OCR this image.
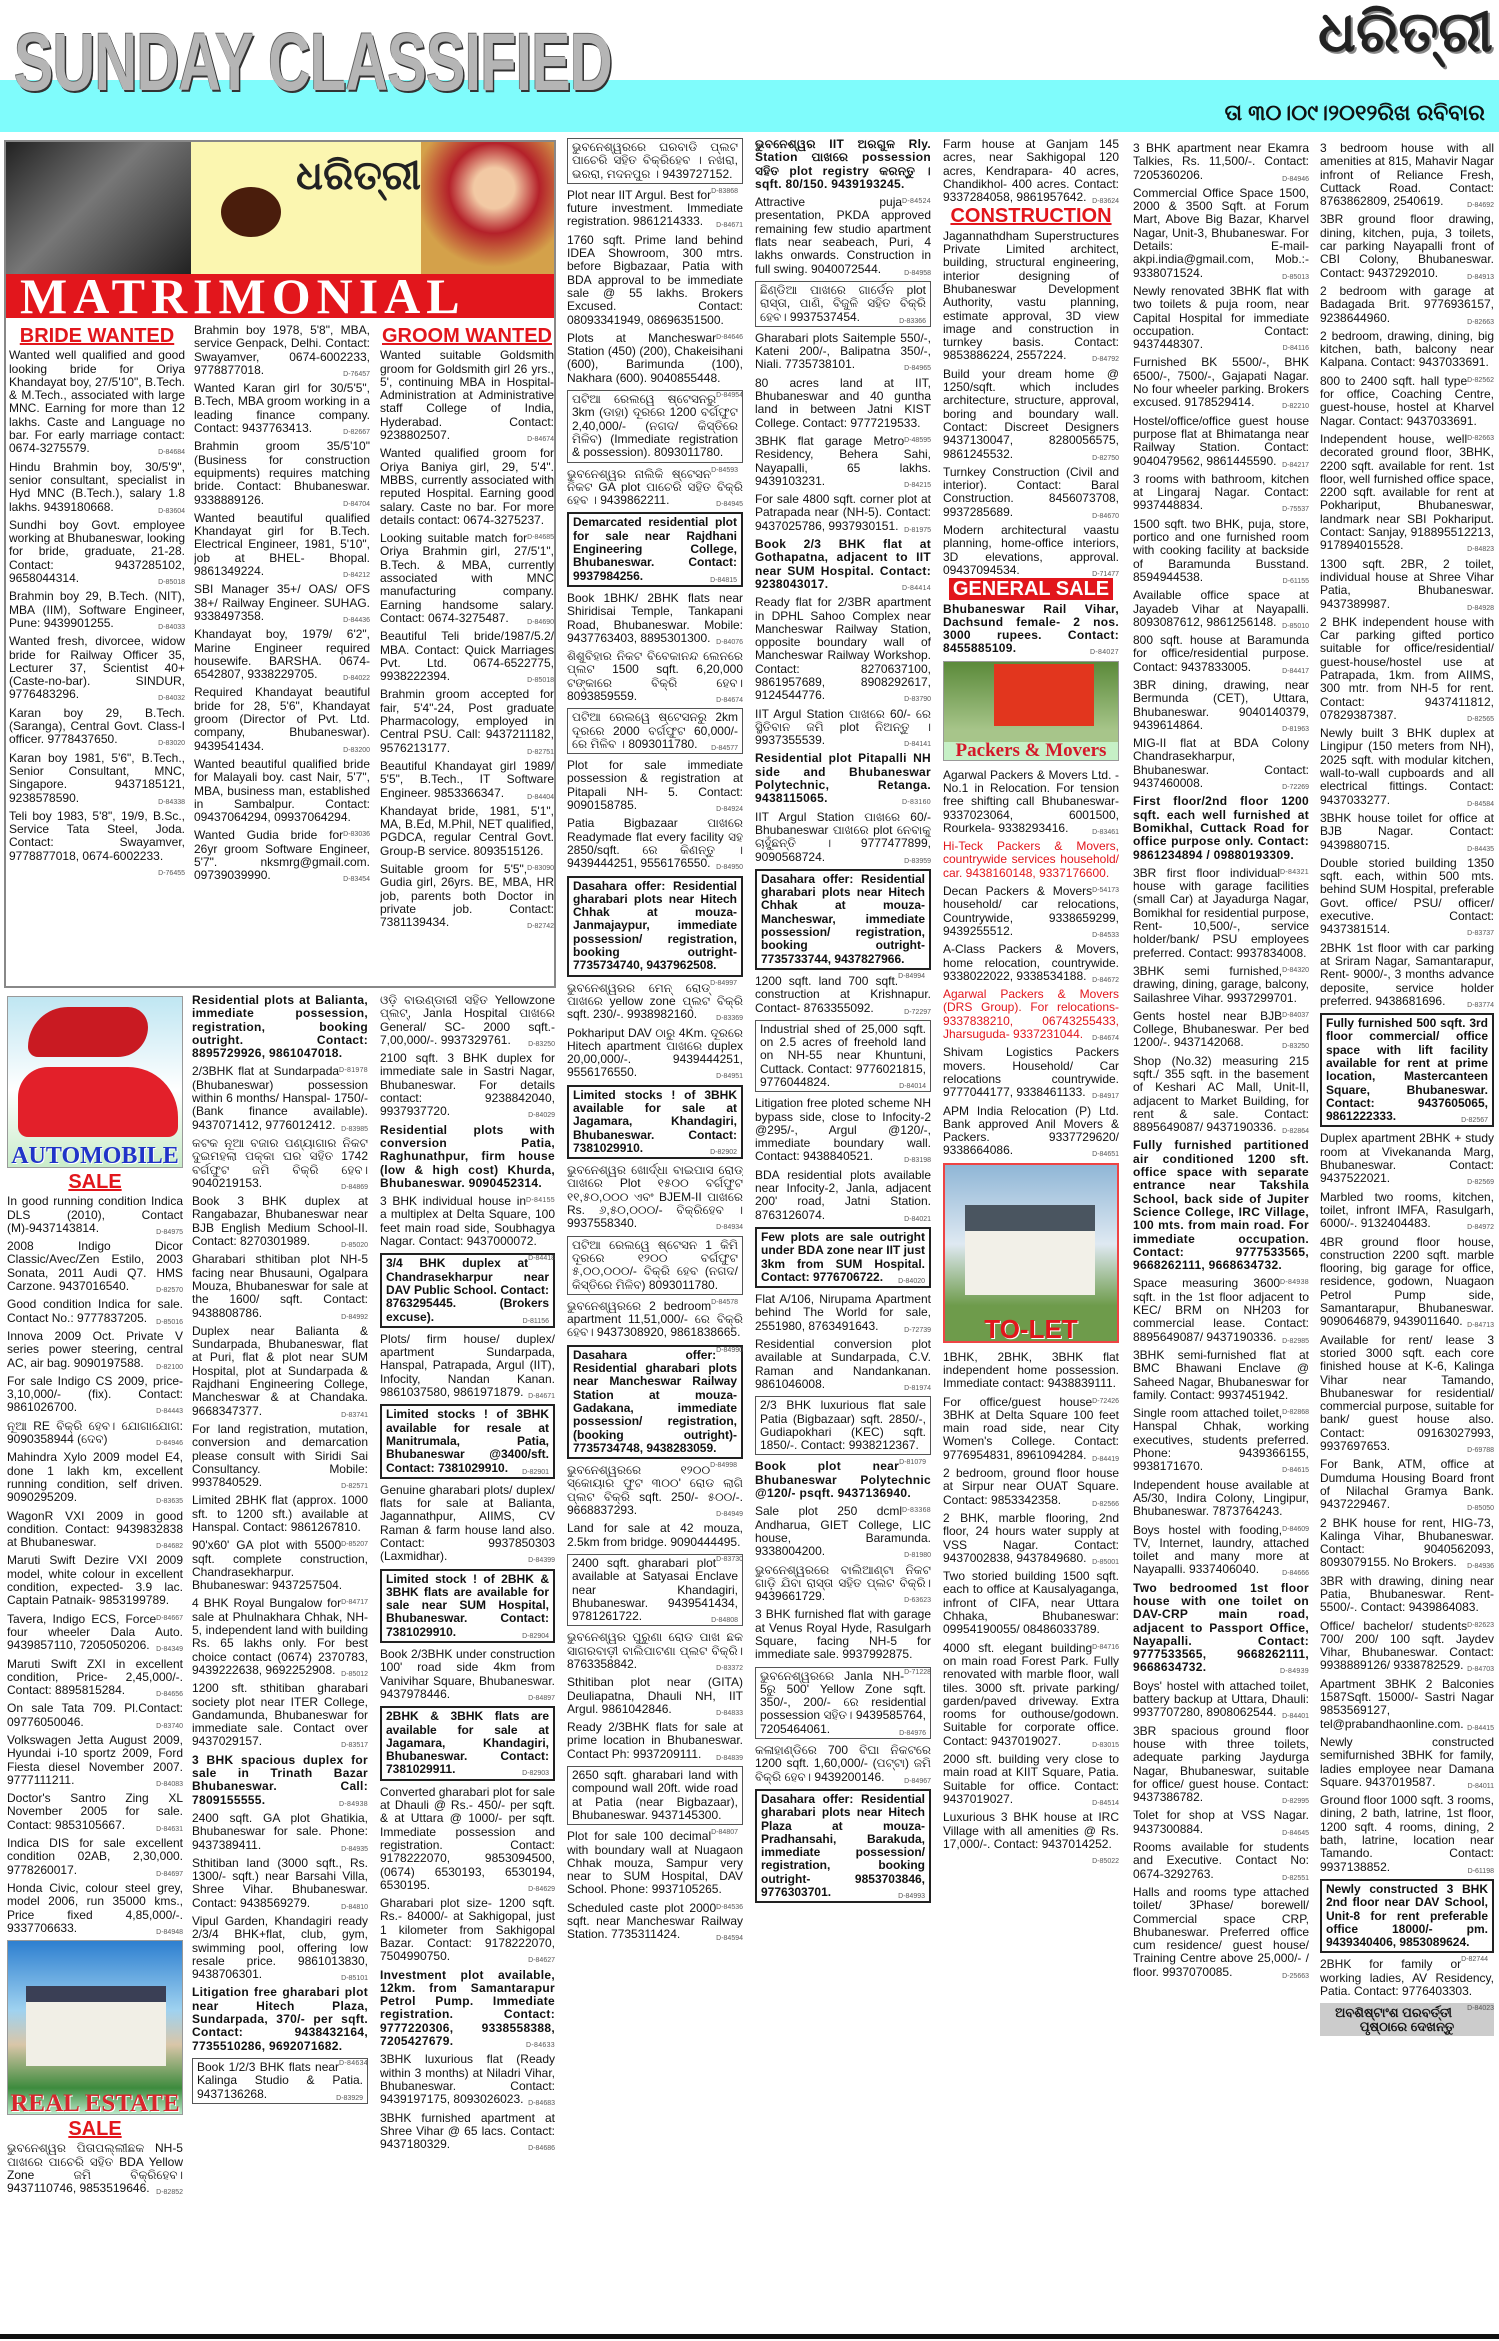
SUNDAY CLASSIFIED	ଧରିତ୍ରୀ
ତା ୩୦।୦୯।୨୦୧୨ରିଖ ରବିବାର
ଧରିତ୍ରୀ
MATRIMONIAL
BRIDE WANTED
Wanted well qualified and good looking bride for Oriya Khandayat boy, 27/5'10", B.Tech. & M.Tech., associated with large MNC. Earning for more than 12 lakhs. Caste and Language no bar. For early marriage contact: 0674-3275579.	D-84684
Hindu Brahmin boy, 30/5'9", senior consultant, specialist in Hyd MNC (B.Tech.), salary 1.8 lakhs. 9439180668.	D-83604
Sundhi boy Govt. employee working at Bhubaneswar, looking for bride, graduate, 21-28. Contact: 9437285102, 9658044314.	D-85018
Brahmin boy 29, B.Tech. (NIT), MBA (IIM), Software Engineer, Pune: 9439901255.	D-84033
Wanted fresh, divorcee, widow bride for Railway Officer 35, Lecturer 37, Scientist 40+ (Caste-no-bar). SINDUR, 9776483296.	D-84032
Karan boy 29, B.Tech. (Saranga), Central Govt. Class-I officer. 9778437650.	D-83020
Karan boy 1981, 5'6", B.Tech., Senior Consultant, MNC, Singapore. 9437185121, 9238578590.	D-84338
Teli boy 1983, 5'8", 19/9, B.Sc., Service Tata Steel, Joda. Contact: Swayamver, 9778877018, 0674-6002233.
D-76455
Brahmin boy 1978, 5'8", MBA, service Genpack, Delhi. Contact: Swayamver, 0674-6002233, 9778877018.	D-76457
Wanted Karan girl for 30/5'5", B.Tech, MBA groom working in a leading finance company. Contact: 9437763413.	D-82667
Brahmin groom 35/5'10" (Business for construction equipments) requires matching bride. Contact: Bhubaneswar. 9338889126.	D-84704
Wanted beautiful qualified Khandayat girl for B.Tech. Electrical Engineer, 1981, 5'10", job at BHEL- Bhopal. 9861349224.	D-84212
SBI Manager 35+/ OAS/ OFS 38+/ Railway Engineer. SUHAG. 9338497358.	D-84436
Khandayat boy, 1979/ 6'2", Marine Engineer required housewife. BARSHA. 0674-6542807, 9338229705.	D-84022
Required Khandayat beautiful bride for 28, 5'6", Khandayat groom (Director of Pvt. Ltd. company, Bhubaneswar). 9439541434.	D-83200
Wanted beautiful qualified bride for Malayali boy. cast Nair, 5'7", MBA, business man, established in Sambalpur. Contact: 09437064294, 09937064294.
D-83036
Wanted Gudia bride for 26yr groom Software Engineer, 5'7". nksmrg@gmail.com. 09739039990.	D-83454
GROOM WANTED
Wanted suitable Goldsmith groom for Goldsmith girl 26 yrs., 5', continuing MBA in Hospital-Administration at Administrative staff College of India, Hyderabad. Contact: 9238802507.	D-84674
Wanted qualified groom for Oriya Baniya girl, 29, 5'4". MBBS, currently associated with reputed Hospital. Earning good salary. Caste no bar. For more details contact: 0674-3275237.
D-84685
Looking suitable match for Oriya Brahmin girl, 27/5'1", B.Tech. & MBA, currently associated with MNC manufacturing company. Earning handsome salary. Contact: 0674-3275487.	D-84690
Beautiful Teli bride/1987/5.2/ MBA. Contact: Quick Marriages Pvt. Ltd. 0674-6522775, 9938222394.	D-85018
Brahmin groom accepted for fair, 5'4"-24, Post graduate Pharmacology, employed in Central PSU. Call: 9437211182, 9576213177.	D-82751
Beautiful Khandayat girl 1989/ 5'5", B.Tech., IT Software Engineer. 9853366347.	D-84404
Khandayat bride, 1981, 5'1", MA, B.Ed, M.Phil, NET qualified, PGDCA, regular Central Govt. Group-B service. 8093515126.
D-83090
Suitable groom for 5'5", Gudia girl, 26yrs. BE, MBA, HR job, parents both Doctor in private job. Contact: 7381139434.	D-82742
AUTOMOBILE
SALE
In good running condition Indica DLS (2010), Contact (M)-9437143814.	D-84975
2008 Indigo Dicor Classic/Avec/Zen Estilo, 2003 Sonata, 2011 Audi Q7. HMS Carzone. 9437016540.	D-82570
Good condition Indica for sale. Contact No.: 9777837205. D-85016
Innova 2009 Oct. Private V series power steering, central AC, air bag. 9090197588. D-82100
For sale Indigo CS 2009, price- 3,10,000/- (fix). Contact: 9861026700.	D-84443
ନୂଆ RE ବିକ୍ରି ହେବ। ଯୋଗାଯୋଗ: 9090358944 (ଦେବ)	D-84946
Mahindra Xylo 2009 model E4, done 1 lakh km, excellent running condition, self driven. 9090295209.	D-83635
WagonR VXI 2009 in good condition. Contact: 9439832838 at Bhubaneswar.	D-84682
Maruti Swift Dezire VXI 2009 model, white colour in excellent condition, expected- 3.9 lac. Captain Patnaik- 9853199789.
D-84667
Tavera, Indigo ECS, Force four wheeler Dala Auto. 9439857110, 7205050206. D-84349
Maruti Swift ZXI in excellent condition, Price- 2,45,000/-. Contact: 8895815284.	D-84656
On sale Tata 709. Pl.Contact: 09776050046.	D-83740
Volkswagen Jetta August 2009, Hyundai i-10 sportz 2009, Ford Fiesta diesel November 2007. 9777111211.	D-84083
Doctor's Santro Zing XL November 2005 for sale. Contact: 9853105667.	D-84631
Indica DIS for sale excellent condition 02AB, 2,30,000. 9778260017.	D-84697
Honda Civic, colour steel grey, model 2006, run 35000 kms., Price fixed 4,85,000/-. 9337706633.	D-84948
REAL ESTATE
SALE
ଭୁବନେଶ୍ୱର ପିତାପଲ୍ଲୀଛକ NH-5 ପାଖରେ ପାଚେରି ସହିତ BDA Yellow Zone ଜମି ବିକ୍ରିହେବ। 9437110746, 9853519646. D-82852
Residential plots at Balianta, immediate possession, registration, booking outright. Contact: 8895729926, 9861047018.
D-81978
2/3BHK flat at Sundarpada (Bhubaneswar) possession within 6 months/ Hanspal- 1750/- (Bank finance available). 9437071412, 9776012412. D-83985
କଟକ ନୂଆ ବଜାର ପଣ୍ୟାଗାର ନିକଟ ଦୁଇମହଲା ପକ୍କା ଘର ସହିତ 1742 ବର୍ଗଫୁଟ ଜମି ବିକ୍ରି ହେବ। 9040219153.	D-84869
Book 3 BHK duplex at Rangabazar, Bhubaneswar near BJB English Medium School-II. Contact: 8270301989.	D-85020
Gharabari sthitiban plot NH-5 facing near Bhusauni, Ogalpara Mouza, Bhubaneswar for sale at the 1600/ sqft. Contact: 9438808786.	D-84992
Duplex near Balianta & Sundarpada, Bhubaneswar, flat at Puri, flat & plot near SUM Hospital, plot at Sundarpada & Rajdhani Engineering College, Mancheswar & at Chandaka. 9668347377.	D-83741
For land registration, mutation, conversion and demarcation please consult with Siridi Sai Consultancy. Mobile: 9937840529.	D-82571
Limited 2BHK flat (approx. 1000 sft. to 1200 sft.) available at Hanspal. Contact: 9861267810.
D-85207
90'x60' GA plot with 5500 sqft. complete construction, Chandrasekharpur. Bhubaneswar: 9437257504.
D-84717
4 BHK Royal Bungalow for sale at Phulnakhara Chhak, NH-5, independent land with building Rs. 65 lakhs only. For best choice contact (0674) 2370783, 9439222638, 9692252908. D-85012
1200 sft. sthitiban gharabari society plot near ITER College, Gandamunda, Bhubaneswar for immediate sale. Contact over 9437029157.	D-83517
3 BHK spacious duplex for sale in Trinath Bazar Bhubaneswar. Call: 7809155555.	D-84938
2400 sqft. GA plot Ghatikia, Bhubaneswar for sale. Phone: 9437389411.	D-84935
Sthitiban land (3000 sqft., Rs. 1300/- sqft.) near Barsahi Villa, Shree Vihar. Bhubaneswar. Contact: 9438569279.	D-84810
Vipul Garden, Khandagiri ready 2/3/4 BHK+flat, club, gym, swimming pool, offering low resale price. 9861013830, 9438706301.	D-85101
Litigation free gharabari plot near Hitech Plaza, Sundarpada, 370/- per sqft. Contact: 9438432164, 7735510286, 9692071682.
D-84634
Book 1/2/3 BHK flats near Kalinga Studio & Patia. 9437136268.	D-83929
ଓଡ଼ି ବାଉଣ୍ଡାରୀ ସହିତ Yellowzone ପ୍ଲଟ୍, Janla Hospital ପାଖରେ General/ SC- 2000 sqft.- 7,00,000/-. 9937329761. D-83250
2100 sqft. 3 BHK duplex for immediate sale in Sastri Nagar, Bhubaneswar. For details contact: 9238842040, 9937937720.	D-84029
Residential plots with conversion Patia, Raghunathpur, firm house (low & high cost) Khurda, Bhubaneswar. 9090452314.
D-84155
3 BHK individual house in a multiplex at Delta Square, 100 feet main road side, Soubhagya Nagar. Contact: 9437000072.
D-84418
3/4 BHK duplex at Chandrasekharpur near DAV Public School. Contact: 8763295445. (Brokers excuse).	D-81156
Plots/ firm house/ duplex/ apartment Sundarpada, Hanspal, Patrapada, Argul (IIT), Infocity, Nandan Kanan. 9861037580, 9861971879. D-84671
Limited stocks ! of 3BHK available for resale at Manitrumala, Patia, Bhubaneswar @3400/sft. Contact: 7381029910. D-82901
Genuine gharabari plots/ duplex/ flats for sale at Balianta, Jagannathpur, AIIMS, CV Raman & farm house land also. Contact: 9937850303 (Laxmidhar).	D-84399
Limited stock ! of 2BHK & 3BHK flats are available for sale near SUM Hospital, Bhubaneswar. Contact: 7381029910.	D-82904
Book 2/3BHK under construction 100' road side 4km from Vanivihar Square, Bhubaneswar. 9437978446.	D-84897
2BHK & 3BHK flats are available for sale at Jagamara, Khandagiri, Bhubaneswar. Contact: 7381029911.	D-82903
Converted gharabari plot for sale at Dhauli @ Rs.- 450/- per sqft. & at Uttara @ 1000/- per sqft. Immediate possession and registration. Contact: 9178222070, 9853094500, (0674) 6530193, 6530194, 6530195.	D-84629
Gharabari plot size- 1200 sqft. Rs.- 84000/- at Sakhigopal, just 1 kilometer from Sakhigopal Bazar. Contact: 9178222070, 7504990750.	D-84627
Investment plot available, 12km. from Samantarapur Petrol Pump. Immediate registration. Contact: 9777220306, 9338558388, 7205427679.	D-84633
3BHK luxurious flat (Ready within 3 months) at Niladri Vihar, Bhubaneswar. Contact: 9439197175, 8093026023. D-84683
3BHK furnished apartment at Shree Vihar @ 65 lacs. Contact: 9437180329.	D-84686
ଭୁବନେଶ୍ୱରରେ ଘରବାଡି ପ୍ଲଟ ପାଚେରି ସହିତ ବିକ୍ରିହେବ । ନଖରା, ଭରରା, ମଦନପୁର । 9439727152.
D-83868
Plot near IIT Argul. Best for future investment. Immediate registration. 9861214333. D-84671
1760 sqft. Prime land behind IDEA Showroom, 300 mtrs. before Bigbazaar, Patia with BDA approval to be immediate sale @ 55 lakhs. Brokers Excused. Contact: 08093341949, 08696351500.
D-84646
Plots at Mancheswar Station (450) (200), Chakeisihani (600), Barimunda (100), Nakhara (600). 9040855448.
D-84954
ପଟିଆ ରେଲୱେ ଷ୍ଟେସନରୁ 3km (ଡାହା) ଦୂରରେ 1200 ବର୍ଗଫୁଟ 2,40,000/- (ନଗଦ/ କିସ୍ତିରେ ମିଳିବ) (Immediate registration & possession). 8093011780.
D-84593
ଭୁବନେଶ୍ୱର ନାଲିକି ଷ୍ଟେସନ ନିକଟ GA plot ପାଚେରି ସହିତ ବିକ୍ରି ହେବ । 9439862211.	D-84945
Demarcated residential plot for sale near Rajdhani Engineering College, Bhubaneswar. Contact: 9937984256.	D-84815
Book 1BHK/ 2BHK flats near Shiridisai Temple, Tankapani Road, Bhubaneswar. Mobile: 9437763403, 8895301300. D-84076
ଶିଶୁବିହାର ନିକଟ ବିବେକାନନ୍ଦ ଲେନରେ ପ୍ଲଟ 1500 sqft. 6,20,000 ଟଙ୍କାରେ ବିକ୍ରି ହେବ। 8093859559.	D-84674
ପଟିଆ ରେଲୱେ ଷ୍ଟେସନରୁ 2km ଦୂରରେ 2000 ବର୍ଗଫୁଟ 60,000/- ରେ ମିଳିବ । 8093011780. D-84577
Plot for sale immediate possession & registration at Pitapali NH- 5. Contact: 9090158785.	D-84924
Patia Bigbazaar ପାଖରେ Readymade flat every facility ସହ 2850/sqft. ରେ କିଣନ୍ତୁ । 9439444251, 9556176550. D-84950
Dasahara offer: Residential gharabari plots near Hitech Chhak at mouza- Janmajaypur, immediate possession/ registration, booking outright- 7735734740, 9437962508.
D-84997
ଭୁବନେଶ୍ୱରର ମେନ୍ ରୋଡ୍ ପାଖରେ yellow zone ପ୍ଲଟ ବିକ୍ରି sqft. 230/-. 9938982160.	D-83369
Pokhariput DAV ଠାରୁ 4Km. ଦୂରରେ Hitech apartment ପାଖରେ duplex 20,00,000/-. 9439444251, 9556176550.	D-84951
Limited stocks ! of 3BHK available for sale at Jagamara, Khandagiri, Bhubaneswar. Contact: 7381029910.	D-82902
ଭୁବନେଶ୍ୱର ଖୋର୍ଦ୍ଧା ବାଇପାସ ରୋଡ୍ ପାଖରେ Plot ୧୫୦୦ ବର୍ଗଫୁଟ ୧୧,୫୦,୦୦୦ ଏବଂ BJEM-II ପାଖରେ Rs. ୬,୫୦,୦୦୦/- ବିକ୍ରିହେବ । 9937558340.	D-84934
ପଟିଆ ରେଲୱେ ଷ୍ଟେସନ 1 କିମି ଦୂରରେ ୧୨୦୦ ବର୍ଗଫୁଟ ୫,୦୦,୦୦୦/- ବିକ୍ରି ହେବ (ନଗଦ/ କିସ୍ତିରେ ମିଳିବ) 8093011780.
D-84578
ଭୁବନେଶ୍ୱରରେ 2 bedroom apartment 11,51,000/- ରେ ବିକ୍ରି ହେବ। 9437308920, 9861838665.
D-84990
Dasahara offer: Residential gharabari plots near Mancheswar Railway Station at mouza- Gadakana, immediate possession/ registration, (booking outright)- 7735734748, 9438283059.
D-84998
ଭୁବନେଶ୍ୱରରେ ୧୨୦୦ ସ୍କୋୟାର ଫୁଟ ୩୦୦' ରୋଡ ଲାଗି ପ୍ଲଟ ବିକ୍ରି sqft. 250/- ୫୦୦/-. 9668837293.	D-84949
Land for sale at 42 mouza, 2.5km from bridge. 9090444495.
D-83730
2400 sqft. gharabari plot available at Satyasai Enclave near Khandagiri, Bhubaneswar. 9439541434, 9781261722.	D-84808
ଭୁବନେଶ୍ୱର ପୁରୁଣା ରୋଡ ପାଖ ଛକ ସାଗରବାଡ଼ୀ ବାଲିପାଟଣା ପ୍ଲଟ ବିକ୍ରି। 8763358842.	D-83372
Sthitiban plot near (GITA) Deuliapatna, Dhauli NH, IIT Argul. 9861042846.	D-84833
Ready 2/3BHK flats for sale at prime location in Bhubaneswar. Contact Ph: 9937209111. D-84839
2650 sqft. gharabari land with compound wall 20ft. wide road at Patia (near Bigbazaar), Bhubaneswar. 9437145300.
D-84807
Plot for sale 100 decimal with boundary wall at Nuagaon Chhak mouza, Sampur very near to SUM Hospital, DAV School. Phone: 9937105265.
D-84536
Scheduled caste plot 2000 sqft. near Mancheswar Railway Station. 7735311424.	D-84594
ଭୁବନେଶ୍ୱର IIT ଅରଗୁଳ Rly. Station ପାଖରେ possession ସହିତ plot registry କରନ୍ତୁ । sqft. 80/150. 9439193245.
D-84524
Attractive puja presentation, PKDA approved remaining few studio apartment flats near seabeach, Puri, 4 lakhs onwards. Construction in full swing. 9040072544.	D-84958
ଛିଣ୍ଡିଆ ପାଖରେ ଗାର୍ଡେନ plot ରାସ୍ତା, ପାଣି, ବିଜୁଳି ସହିତ ବିକ୍ରି ହେବ। 9937537454.	D-83366
Gharabari plots Saitemple 550/-, Kateni 200/-, Balipatna 350/-, Niali. 7735738101.	D-84965
80 acres land at IIT, Bhubaneswar and 40 guntha land in between Jatni KIST College. Contact: 9777219533.
D-48595
3BHK flat garage Metro Residency, Behera Sahi, Nayapalli, 65 lakhs. 9439103231.	D-84215
For sale 4800 sqft. corner plot at Patrapada near (NH-5). Contact: 9437025786, 9937930151. D-81975
Book 2/3 BHK flat at Gothapatna, adjacent to IIT near SUM Hospital. Contact: 9238043017.	D-84414
Ready flat for 2/3BR apartment in DPHL Sahoo Complex near Mancheswar Railway Station, opposite boundary wall of Mancheswar Railway Workshop. Contact: 8270637100, 9861957689, 8908292617, 9124544776.	D-83790
IIT Argul Station ପାଖରେ 60/- ରେ ସ୍ଥିତିବାନ ଜମି plot ନିଅନ୍ତୁ । 9937355539.	D-84141
Residential plot Pitapalli NH side and Bhubaneswar Polytechnic, Retanga. 9438115065.	D-83160
IIT Argul Station ପାଖରେ 60/- Bhubaneswar ପାଖରେ plot ନେବାକୁ ଚାହୁଁଛନ୍ତି । 9777477899, 9090568724.	D-83959
Dasahara offer: Residential gharabari plots near Hitech Chhak at mouza- Mancheswar, immediate possession/ registration, booking outright- 7735733744, 9437827966.
D-84994
1200 sqft. land 700 sqft. construction at Krishnapur. Contact- 8763355092.	D-72297
Industrial shed of 25,000 sqft. on 2.5 acres of freehold land on NH-55 near Khuntuni, Cuttack. Contact: 9776021815, 9776044824.	D-84014
Litigation free ploted scheme NH bypass side, close to Infocity-2 @295/-, Argul @120/-, immediate boundary wall. Contact: 9438840521.	D-83198
BDA residential plots available near Infocity-2, Janla, adjacent 200' road, Jatni Station. 8763126074.	D-84021
Few plots are sale outright under BDA zone near IIT just 3km from SUM Hospital. Contact: 9776706722. D-84020
Flat A/106, Nirupama Apartment behind The World for sale, 2551980, 8763491643.	D-72739
Residential conversion plot available at Sundarpada, C.V. Raman and Nandankanan. 9861046008.	D-81974
2/3 BHK luxurious flat sale Patia (Bigbazaar) sqft. 2850/-, Gudiapokhari (KEC) sqft. 1850/-. Contact: 9938212367.
D-81079
Book plot near Bhubaneswar Polytechnic @120/- psqft. 9437136940.
D-83368
Sale plot 250 dcml Andharua, GIET College, LIC house, Baramunda. 9338004200.	D-81980
ଭୁବନେଶ୍ୱରରେ ବାଲିଆଣ୍ଟା ନିକଟ ଗାଡ଼ି ଯିବା ରାସ୍ତା ସହିତ ପ୍ଲଟ ବିକ୍ରି। 9439661729.	D-63623
3 BHK furnished flat with garage at Venus Royal Hyde, Rasulgarh Square, facing NH-5 for immediate sale. 9937992875.
D-71228
ଭୁବନେଶ୍ୱରରେ Janla NH-5ରୁ 500' Yellow Zone sqft. 350/-, 200/- ରେ residential possession ସହିତ। 9439585764, 7205464061.	D-84976
କଳାହାଣ୍ଡିରେ 700 ବିଘା ନିକଟରେ 1200 sqft. 1,60,000/- (ପଟ୍ଟା) ଜମି ବିକ୍ରି ହେବ। 9439200146.	D-84967
Dasahara offer: Residential gharabari plots near Hitech Plaza at mouza- Pradhansahi, Barakuda, immediate possession/ registration, booking outright- 9853703846, 9776303701.	D-84993
Farm house at Ganjam 145 acres, near Sakhigopal 120 acres, Kendrapara- 40 acres, Chandikhol- 400 acres. Contact: 9337284058, 9861957642. D-83624
CONSTRUCTION
Jagannathdham Superstructures Private Limited architect, building, structural engineering, interior designing of Bhubaneswar Development Authority, vastu planning, estimate approval, 3D view image and construction in turnkey basis. Contact: 9853886224, 2557224.	D-84792
Build your dream home @ 1250/sqft. which includes architecture, structure, approval, boring and boundary wall. Contact: Discreet Designers 9437130047, 8280056575, 9861245532.	D-82750
Turnkey Construction (Civil and interior). Contact: Baral Construction. 8456073708, 9937285689.	D-84670
Modern architectural vaastu planning, home-office interiors, 3D elevations, approval. 09437094534.	D-71477
GENERAL SALE
Bhubaneswar Rail Vihar, Dachsund female- 2 nos. 3000 rupees. Contact: 8455885109.	D-84027
Packers & Movers
Agarwal Packers & Movers Ltd. - No.1 in Relocation. For tension free shifting call Bhubaneswar- 9337023064, 6001500, Rourkela- 9338293416.	D-83461
Hi-Teck Packers & Movers, countrywide services household/ car. 9438160148, 9337176600.
D-54173
Decan Packers & Movers household/ car relocations, Countrywide, 9338659299, 9439255512.	D-84533
A-Class Packers & Movers, home relocation, countrywide. 9338022022, 9338534188. D-84672
Agarwal Packers & Movers (DRS Group). For relocations- 9337838210, 06743255433, Jharsuguda- 9337231044. D-84674
Shivam Logistics Packers movers. Household/ Car relocations countrywide. 9777044177, 9338461133. D-84917
APM India Relocation (P) Ltd. Bank approved Anil Movers & Packers. 9337729620/ 9338664086.	D-84651
TO-LET
1BHK, 2BHK, 3BHK flat independent home possession. Immediate contact: 9438839111.
D-72426
For office/guest house 3BHK at Delta Square 100 feet main road side, near City Women's College. Contact: 9776954831, 8961094284. D-84419
2 bedroom, ground floor house at Sirpur near OUAT Square. Contact: 9853342358.	D-82566
2 BHK, marble flooring, 2nd floor, 24 hours water supply at VSS Nagar. Contact: 9437002838, 9437849680. D-85001
Two storied building 1500 sqft. each to office at Kausalyaganga, infront of CIFA, near Uttara Chhaka, Bhubaneswar: 09954190055/ 08486033789.
D-84716
4000 sft. elegant building on main road Forest Park. Fully renovated with marble floor, wall tiles. 3000 sft. private parking/ garden/paved driveway. Extra rooms for outhouse/godown. Suitable for corporate office. Contact: 9437019027.	D-83015
2000 sft. building very close to main road at KIIT Square, Patia. Suitable for office. Contact: 9437019027.	D-84514
Luxurious 3 BHK house at IRC Village with all amenities @ Rs. 17,000/-. Contact: 9437014252.
D-85022
3 BHK apartment near Ekamra Talkies, Rs. 11,500/-. Contact: 7205360206.	D-84946
Commercial Office Space 1500, 2000 & 3500 Sqft. at Forum Mart, Above Big Bazar, Kharvel Nagar, Unit-3, Bhubaneswar. For Details: E-mail- akpi.india@gmail.com, Mob.:- 9338071524.	D-85013
Newly renovated 3BHK flat with two toilets & puja room, near Capital Hospital for immediate occupation. Contact: 9437448307.	D-84116
Furnished BK 5500/-, BHK 6500/-, 7500/-, Gajapati Nagar. No four wheeler parking. Brokers excused. 9178529414.	D-82210
Hostel/office/office guest house purpose flat at Bhimatanga near Railway Station. Contact: 9040479562, 9861445590. D-84217
3 rooms with bathroom, kitchen at Lingaraj Nagar. Contact: 9937448834.	D-75537
1500 sqft. two BHK, puja, store, portico and one furnished room with cooking facility at backside of Baramunda Busstand. 8594944538.	D-61155
Available office space at Jayadeb Vihar at Nayapalli. 8093087612, 9861256148. D-85010
800 sqft. house at Baramunda for office/residential purpose. Contact: 9437833005.	D-84417
3BR dining, drawing, near Bermunda (CET), Uttara, Bhubaneswar. 9040140379, 9439614864.	D-81963
MIG-II flat at BDA Colony Chandrasekharpur, Bhubaneswar. Contact: 9437460008.	D-72269
First floor/2nd floor 1200 sqft. each well furnished at Bomikhal, Cuttack Road for office purpose only. Contact: 9861234894 / 09880193309.
D-84321
3BR first floor individual house with garage facilities (small Car) at Jayadurga Nagar, Bomikhal for residential purpose, Rent- 10,500/-, service holder/bank/ PSU employees preferred. Contact: 9937834008.
D-84320
3BHK semi furnished, drawing, dining, garage, balcony, Sailashree Vihar. 9937299701.
D-84037
Gents hostel near BJB College, Bhubaneswar. Per bed 1200/-. 9437142068.	D-83250
Shop (No.32) measuring 215 sqft./ 355 sqft. in the basement of Keshari AC Mall, Unit-II, adjacent to Market Building, for rent & sale. Contact: 8895649087/ 9437190336. D-82864
Fully furnished partitioned air conditioned 1200 sft. office space with separate entrance near Takshila School, back side of Jupiter Science College, IRC Village, 100 mts. from main road. For immediate occupation. Contact: 9777533565, 9668262111, 9668634732.
D-84938
Space measuring 3600 sqft. in the 1st floor adjacent to KEC/ BRM on NH203 for commercial lease. Contact: 8895649087/ 9437190336. D-82985
3BHK semi-furnished flat at BMC Bhawani Enclave @ Saheed Nagar, Bhubaneswar for family. Contact: 9937451942.
D-82868
Single room attached toilet, Hanspal Chhak, working executives, students preferred. Phone: 9439366155, 9938171670.	D-84615
Independent house available at A5/30, Indira Colony, Lingipur, Bhubaneswar. 7873764243.
D-84609
Boys hostel with fooding, TV, Internet, laundry, attached toilet and many more at Nayapalli. 9337406040.	D-84666
Two bedroomed 1st floor house with one toilet on DAV-CRP main road, adjacent to Passport Office, Nayapalli. Contact: 9777533565, 9668262111, 9668634732.	D-84939
Boys' hostel with attached toilet, battery backup at Uttara, Dhauli: 9937707280, 8908062544. D-84401
3BR spacious ground floor house with three toilets, adequate parking Jaydurga Nagar, Bhubaneswar, suitable for office/ guest house. Contact: 9437386782.	D-82995
Tolet for shop at VSS Nagar. 9437300884.	D-84645
Rooms available for students and Executive. Contact No: 0674-3292763.	D-82551
Halls and rooms type attached toilet/ 3Phase/ borewell/ Commercial space CRP, Bhubaneswar. Preferred office cum residence/ guest house/ Training Centre above 25,000/- / floor. 9937070085.	D-25663
3 bedroom house with all amenities at 815, Mahavir Nagar infront of Reliance Fresh, Cuttack Road. Contact: 8763862809, 2540619.	D-84692
3BR ground floor drawing, dining, kitchen, puja, 3 toilets, car parking Nayapalli front of CBI Colony, Bhubaneswar. Contact: 9437292010.	D-84913
2 bedroom with garage at Badagada Brit. 9776936157, 9238644960.	D-82663
2 bedroom, drawing, dining, big kitchen, bath, balcony near Kalpana. Contact: 9437033691.
D-82562
800 to 2400 sqft. hall type for office, Coaching Centre, guest-house, hostel at Kharvel Nagar. Contact: 9437033691.
D-82663
Independent house, well decorated ground floor, 3BHK, 2200 sqft. available for rent. 1st floor, well furnished office space, 2200 sqft. available for rent at Pokhariput, Bhubaneswar, landmark near SBI Pokhariput. Contact: Sanjay, 918895512213, 917894015528.	D-84823
1300 sqft. 2BR, 2 toilet, individual house at Shree Vihar Patia, Bhubaneswar. 9437389987.	D-84928
2 BHK independent house with Car parking gifted portico suitable for office/residential/ guest-house/hostel use at Patrapada, 1km. from AIIMS, 300 mtr. from NH-5 for rent. Contact: 9437411812, 07829387387.	D-82565
Newly built 3 BHK duplex at Lingipur (150 meters from NH), 2025 sqft. with modular kitchen, wall-to-wall cupboards and all electrical fittings. Contact: 9437033277.	D-84584
3BHK house toilet for office at BJB Nagar. Contact: 9439880715.	D-84435
Double storied building 1350 sqft. each, within 500 mts. behind SUM Hospital, preferable Govt. office/ PSU/ officer/ executive. Contact: 9437381514.	D-83737
2BHK 1st floor with car parking at Sriram Nagar, Samantarapur, Rent- 9000/-, 3 months advance deposite, service holder preferred. 9438681696.	D-83774
Fully furnished 500 sqft. 3rd floor commercial/ office space with lift facility available for rent at prime location, Mastercanteen Square, Bhubaneswar. Contact: 9437605065, 9861222333.	D-82567
Duplex apartment 2BHK + study room at Vivekananda Marg, Bhubaneswar. Contact: 9437522021.	D-82569
Marbled two rooms, kitchen, toilet, infront IMFA, Rasulgarh, 6000/-. 9132404483.	D-84972
4BR ground floor house, construction 2200 sqft. marble flooring, big garage for office, residence, godown, Nuagaon Petrol Pump side, Samantarapur, Bhubaneswar. 9090646879, 9439011640. D-84713
Available for rent/ lease 3 storied 3000 sqft. each core finished house at K-6, Kalinga Vihar near Tamando, Bhubaneswar for residential/ commercial purpose, suitable for bank/ guest house also. Contact: 09163027993, 9937697653.	D-69788
For Bank, ATM, office at Dumduma Housing Board front of Nilachal Gramya Bank. 9437229467.	D-85050
2 BHK house for rent, HIG-73, Kalinga Vihar, Bhubaneswar. Contact: 9040562093, 8093079155. No Brokers. D-84936
3BR with drawing, dining near Patia, Bhubaneswar. Rent- 5500/-. Contact: 9439864083.
D-82623
Office/ bachelor/ students 700/ 200/ 100 sqft. Jaydev Vihar, Bhubaneswar. Contact: 9938889126/ 9338782529. D-84703
Apartment 3BHK 2 Balconies 1587Sqft. 15000/- Sastri Nagar 9853569127, tel@prabandhaonline.com. D-84415
Newly constructed semifurnished 3BHK for family, ladies employee near Damana Square. 9437019587.	D-84011
Ground floor 1000 sqft. 3 rooms, dining, 2 bath, latrine, 1st floor, 1200 sqft. 4 rooms, dining, 2 bath, latrine, location near Tamando. Contact: 9937138852.	D-61198
Newly constructed 3 BHK 2nd floor near DAV School, Unit-8 for rent preferable office 18000/- pm. 9439340406, 9853089624.
D-82744
2BHK for family or working ladies, AV Residency, Patia. Contact: 9776403303.
D-84023
ଅବଶିଷ୍ଟାଂଶ ପରବର୍ତ୍ତୀ ପୃଷ୍ଠାରେ ଦେଖନ୍ତୁ
